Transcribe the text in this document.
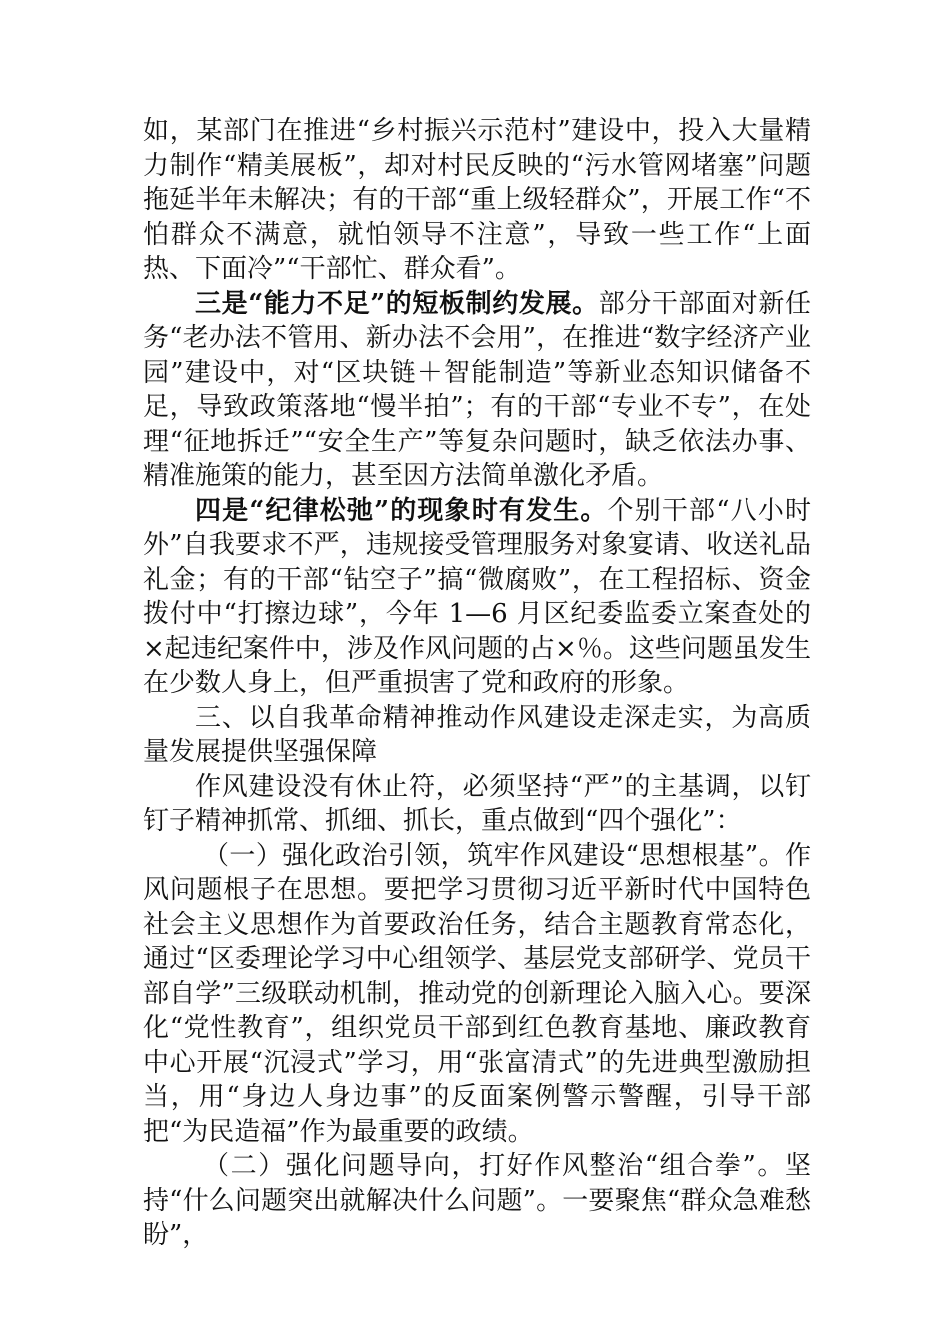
如，某部门在推进“乡村振兴示范村”建设中，投入大量精力制作“精美展板”，却对村民反映的“污水管网堵塞”问题拖延半年未解决；有的干部“重上级轻群众”，开展工作“不怕群众不满意，就怕领导不注意”，导致一些工作“上面热、下面冷”“干部忙、群众看”。

三是“能力不足”的短板制约发展。部分干部面对新任务“老办法不管用、新办法不会用”，在推进“数字经济产业园”建设中，对“区块链＋智能制造”等新业态知识储备不足，导致政策落地“慢半拍”；有的干部“专业不专”，在处理“征地拆迁”“安全生产”等复杂问题时，缺乏依法办事、精准施策的能力，甚至因方法简单激化矛盾。

四是“纪律松弛”的现象时有发生。个别干部“八小时外”自我要求不严，违规接受管理服务对象宴请、收送礼品礼金；有的干部“钻空子”搞“微腐败”，在工程招标、资金拨付中“打擦边球”，今年 1—6 月区纪委监委立案查处的×起违纪案件中，涉及作风问题的占×％。这些问题虽发生在少数人身上，但严重损害了党和政府的形象。

三、以自我革命精神推动作风建设走深走实，为高质量发展提供坚强保障

作风建设没有休止符，必须坚持“严”的主基调，以钉钉子精神抓常、抓细、抓长，重点做到“四个强化”：

（一）强化政治引领，筑牢作风建设“思想根基”。作风问题根子在思想。要把学习贯彻习近平新时代中国特色社会主义思想作为首要政治任务，结合主题教育常态化，通过“区委理论学习中心组领学、基层党支部研学、党员干部自学”三级联动机制，推动党的创新理论入脑入心。要深化“党性教育”，组织党员干部到红色教育基地、廉政教育中心开展“沉浸式”学习，用“张富清式”的先进典型激励担当，用“身边人身边事”的反面案例警示警醒，引导干部把“为民造福”作为最重要的政绩。

（二）强化问题导向，打好作风整治“组合拳”。坚持“什么问题突出就解决什么问题”。一要聚焦“群众急难愁盼”，
